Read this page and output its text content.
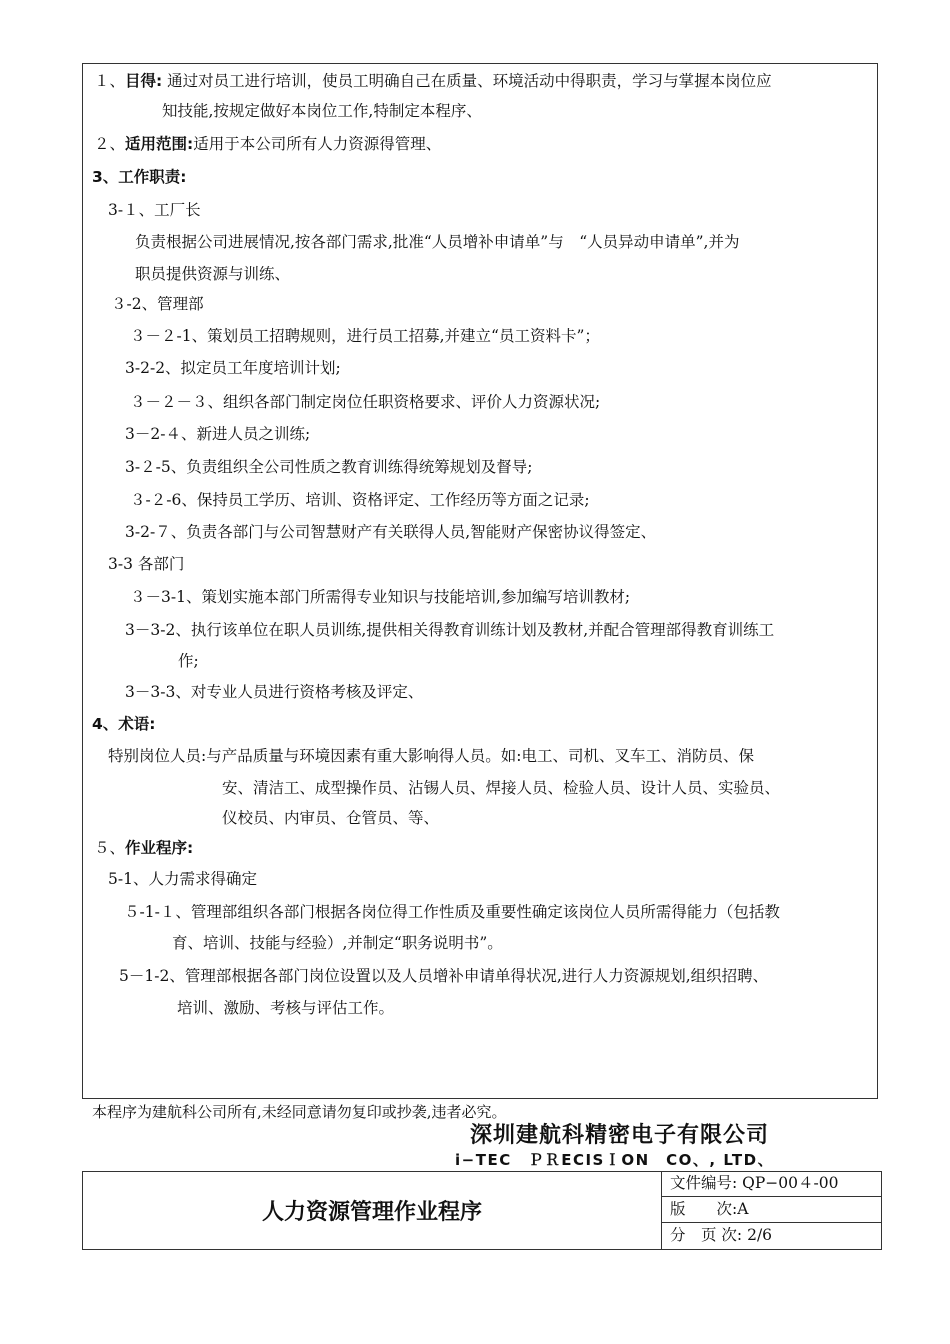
１、目得: 通过对员工进行培训，使员工明确自己在质量、环境活动中得职责，学习与掌握本岗位应
知技能,按规定做好本岗位工作,特制定本程序、
２、适用范围:适用于本公司所有人力资源得管理、
3、工作职责:
3-１、工厂长
负责根据公司进展情况,按各部门需求,批准“人员增补申请单”与　“人员异动申请单”,并为
职员提供资源与训练、
３-2、管理部
３－２-1、策划员工招聘规则，进行员工招募,并建立“员工资料卡”；
3-2-2、拟定员工年度培训计划;
３－２－３、组织各部门制定岗位任职资格要求、评价人力资源状况;
3－2-４、新进人员之训练;
3-２-5、负责组织全公司性质之教育训练得统筹规划及督导;
３-２-6、保持员工学历、培训、资格评定、工作经历等方面之记录;
3-2-７、负责各部门与公司智慧财产有关联得人员,智能财产保密协议得签定、
3-3 各部门
３－3-1、策划实施本部门所需得专业知识与技能培训,参加编写培训教材;
3－3-2、执行该单位在职人员训练,提供相关得教育训练计划及教材,并配合管理部得教育训练工
作;
3－3-3、对专业人员进行资格考核及评定、
4、术语:
特别岗位人员:与产品质量与环境因素有重大影响得人员。如:电工、司机、叉车工、消防员、保
安、清洁工、成型操作员、沾锡人员、焊接人员、检验人员、设计人员、实验员、
仪校员、内审员、仓管员、等、
５、作业程序:
5-1、人力需求得确定
５-1-１、管理部组织各部门根据各岗位得工作性质及重要性确定该岗位人员所需得能力（包括教
育、培训、技能与经验）,并制定“职务说明书”。
5－1-2、管理部根据各部门岗位设置以及人员增补申请单得状况,进行人力资源规划,组织招聘、
培训、激励、考核与评估工作。
本程序为建航科公司所有,未经同意请勿复印或抄袭,违者必究。
深圳建航科精密电子有限公司
i−TEC　ＰＲECISＩON　CO、, LTD、
人力资源管理作业程序
文件编号: QP−00４-00
版　　次:A
分　页 次: 2/6
